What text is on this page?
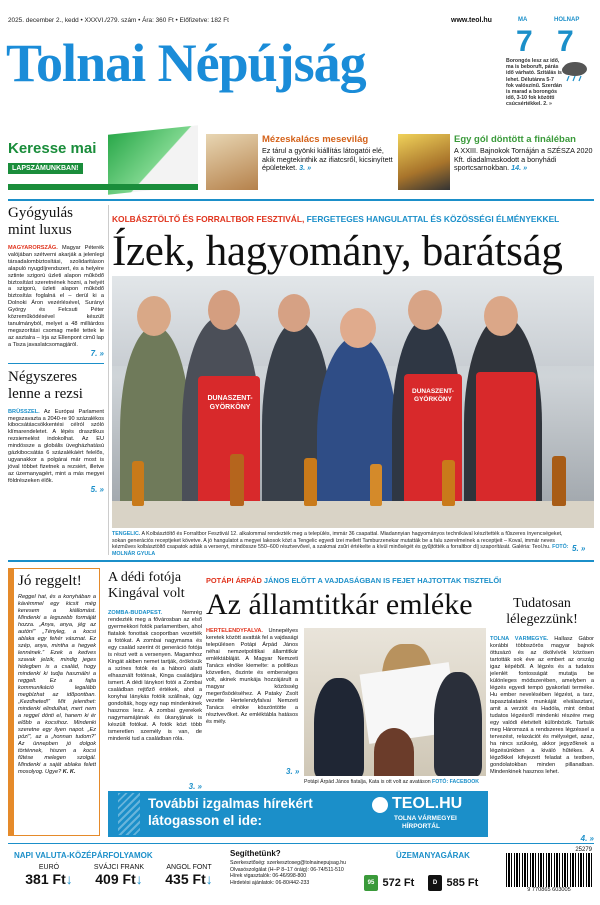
2025. december 2., kedd • XXXVI./279. szám • Ára: 360 Ft • Előfizetve: 182 Ft	www.teol.hu
Tolnai Népújság
MA	HOLNAP
7 7
Borongós lesz az idő, ma is beboruft, párás idő várható. Szitálás is lehet. Délutánra 5-7 fok valószínű. Szerdán is marad a borongós idő, 3-10 fok közötti csúcsértékkel. 2. »
Keresse mai
LAPSZÁMUNKBAN!
Mézeskalács mesevilág
Ez tárul a gyönki kiállítás látogatói elé, akik megtekinthik az ifiatcsről, kicsinyített épületeket. 3. »
Egy gól döntött a fináléban
A XXIII. Bajnokok Tornáján a SZÉSZA 2020 Kft. diadalmaskodott a bonyhádi sportcsarnokban. 14. »
Gyógyulás mint luxus
MAGYARORSZÁG. Magyar Péterék valójában szétverni akarják a jelenlegi társadalombiztosítási, szolidaritáson alapuló nyugdíjrendszert, és a helyére sztinte szigorú üzleti alapon működő biztosítást szeretnének hozni, a helyét a szigorú, üzleti alapon működő biztosítás foglalná el – derül ki a Dolnoki Áron vezérlésével, Surányi György és Felcsuti Péter közreműködésével készült tanulmányból, melyet a 48 milliárdos megszorítási csomag mellé tettek le az asztalra – írja az Ellenpont cimű lap a Tisza javaslatcsomagjáról.
7. »
Négyszeres lenne a rezsi
BRÜSSZEL. Az Európai Parlament megszavazta a 2040-re 90 százalékos kibocsátáscsökkentési célról szóló klímarendeletet. A lépés drasztikus rezsiemelést indokolhat. Az EU mindössze a globális üvegházhatású gázkibocsátás 6 százalékáért felelős, ugyanakkor a polgárai már most is jóval többet fizetnek a rezsiért, illetve az üzemanyagért, mint a más megyei földrészeken élők.
5. »
KOLBÁSZTÖLTŐ ÉS FORRALTBOR FESZTIVÁL, FERGETEGES HANGULATTAL ÉS KÖZÖSSÉGI ÉLMÉNYEKKEL
Ízek, hagyomány, barátság
DUNASZENT- GYÖRKÖNY
DUNASZENT- GYÖRKÖNY
TENGELIC. A Kolbásztöltő és Forraltbor Fesztivál 12. alkalommal rendezték meg a település, immár 36 csapattal. Miadannyian hagyományos technikával készítették a fűszeres ínyencségeket, sokan generációs receptjeket követve. A jó hangulatot a megyei lakosok közt a Tengelic egyedi ízei mellett Tamburzenekar mutatták be a falu szerelmeinek a receptjeit – Koval, immár neves kézműves kolbásztöltő csapatok adták a versenyt, mindössze 550–600 résztvevővel, a szakmai zsűri értékelte a kívül minőségét és gyűjtötték a forraltbor díj szaporítását. Galéria: Teol.hu. FOTÓ: MOLNÁR GYULA
5. »
Jó reggelt!
Reggel hat, és a konyhában a kávémmel egy kicsit még keresem a kiállomást. Mindenki a legszebb formáját hozza. „Anya, anya, jég az autón!” „Tényleg, a kocsi ablaka egy fehér vásznat. Ez szép, anya, mintha a hegyek lennének.” Ezek a kedves szavak jelzik, mindig jeges hidegben is a család, hogy mindenki ki tudja használni a reggelt. Ez a fajta kommunikáció legalább megbízhat az időpontban. „Kezdheted!” Mit jelenthet: mindenki elindulhat, mert nem a reggel dönti el, hanem ki ér előbb a kocsihoz. Mindenki szeretne egy ilyen napot. „Ez póz!”, az a „honnan tudom?” Az ünnepben jó dolgok történnek, hiszen a kocsi fűtése melegen szolgál. Mindenki a saját ablaka felett mosolyog. Ugye? K. K.
A dédi fotója Kingával volt
ZOMBA-BUDAPEST.	Nemrég rendezték meg a fővárosban az első gyermekkori fotók parlamentben, ahol fiatalok fonottak csoportban vezették a fotókat. A zombai nagymama és egy család szerint öt generáció fotója is részt vett a versenyen. Magamhoz Kingát akiben nemet tartják, örökösük a színes fotók és a háború alatti elhasznált fotóinak, Kinga családjára ismert. A dédi lánykori fotói a Zombai családban rejtőző értékek, ahol a konyhai lánykás fotóik szállnak, úgy gondolták, hogy egy nap mindenkinek hasznos lesz. A zombai gyerekek nagymamájának és ükanyjának is készült fotókat. A fotók közt több ismeretlen személy is van, de mindenki tud a családban róla.
3. »
POTÁPI ÁRPÁD JÁNOS ELŐTT A VAJDASÁGBAN IS FEJET HAJTOTTAK TISZTELŐI
Az államtitkár emléke
HERTELENDYFALVA. Ünnepélyes keretek között avatták fel a vajdasági településen Potápi Árpád János néhai nemzetpolitikai államtitkár emléktábláját. A Magyar Nemzeti Tanács elnöke kiemelte: a politikus közvetlen, őszinte és emberséges volt, akinek munkája hozzájárult a magyar közösség megerősödéséhez. A Pataky Zsolt vezette Hertelendyfalvai Nemzeti Tanács elnöke köszöntötte a résztvevőket. Az emléktábla hatásos és mély.
3. »
Potápi Árpád János fiatalja, Kata is ott volt az avatáson FOTÓ: FACEBOOK
Tudatosan lélegezzünk!
TOLNA VÁRMEGYE. Hallasz Gábor korábbi többszörös magyar bajnok öttusázó és az ökölvívók közösen tartották sok éve az embert az ország igaz képéből. A légzés és a tudatos jelenlét fontosságát mutatja be különleges módszerében, amelyben a légzés egyedi tempó gyakorlati terméke. Hu ember nevelésében légzést, a tarz, tapasztalataink munkáját elválasztani, amit a verziót és Hadóla, mint ómbat tudatos légzésről mindenki részére meg egy valódi életvitelt különbözik. Tartsák meg Háromszá a rendszeres légzéssel a tervezést, relaxációt és mélységet, azaz, ha nincs szükség, akkor jegyzőknek a légzésünkben a kiváló hűtékes. A légzőkkel kifejezett feladat a testben, gondolatokban minden pillanatban. Mindenkinek hasznos lehet.
4. »
További izgalmas hírekért
látogasson el ide:
TEOL.HU
TOLNA VÁRMEGYEI
HÍRPORTÁL
NAPI VALUTA-KÖZÉPÁRFOLYAMOK
EURÓ
381 Ft↓
SVÁJCI FRANK
409 Ft↓
ANGOL FONT
435 Ft↓
Segíthetünk?
Szerkesztőség: szerkesztoseg@tolnainepujsag.hu
Olvasószolgálat (H–P 8–17 óráig): 06-74/511-510
Hírek vigasztalók: 06-46/998-800
Hirdetési ajánlatok: 06-80/442-233
ÜZEMANYAGÁRAK
95 572 Ft	D 585 Ft
25279
9 770865 603005
